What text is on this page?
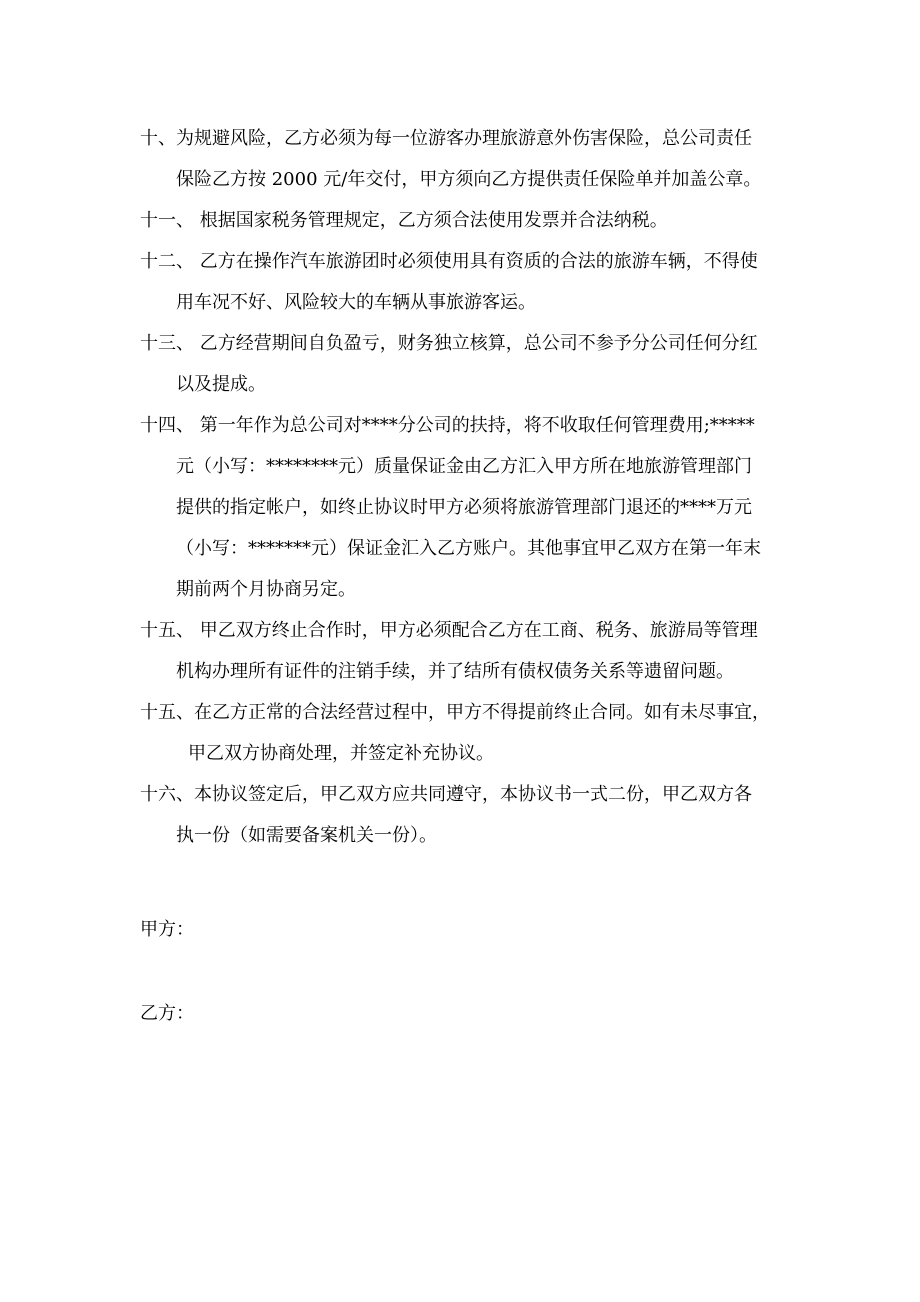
十、为规避风险，乙方必须为每一位游客办理旅游意外伤害保险，总公司责任
保险乙方按 2000 元/年交付，甲方须向乙方提供责任保险单并加盖公章。
十一、 根据国家税务管理规定，乙方须合法使用发票并合法纳税。
十二、 乙方在操作汽车旅游团时必须使用具有资质的合法的旅游车辆，不得使
用车况不好、风险较大的车辆从事旅游客运。
十三、 乙方经营期间自负盈亏，财务独立核算，总公司不参予分公司任何分红
以及提成。
十四、 第一年作为总公司对****分公司的扶持，将不收取任何管理费用;*****
元（小写：********元）质量保证金由乙方汇入甲方所在地旅游管理部门
提供的指定帐户，如终止协议时甲方必须将旅游管理部门退还的****万元
（小写：*******元）保证金汇入乙方账户。其他事宜甲乙双方在第一年末
期前两个月协商另定。
十五、 甲乙双方终止合作时，甲方必须配合乙方在工商、税务、旅游局等管理
机构办理所有证件的注销手续，并了结所有债权债务关系等遗留问题。
十五、在乙方正常的合法经营过程中，甲方不得提前终止合同。如有未尽事宜，
甲乙双方协商处理，并签定补充协议。
十六、本协议签定后，甲乙双方应共同遵守，本协议书一式二份，甲乙双方各
执一份（如需要备案机关一份）。
甲方：
乙方：
